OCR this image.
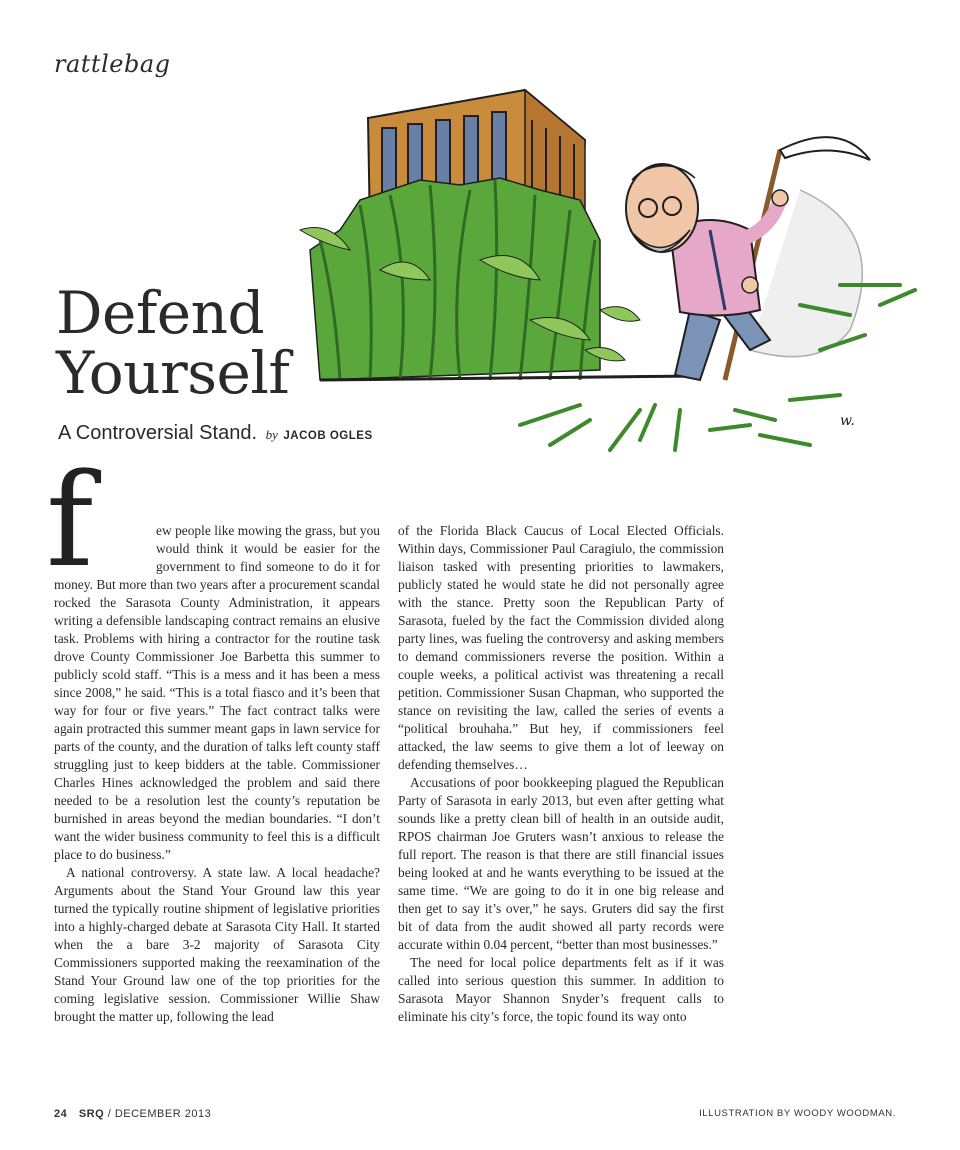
rattlebag
w.
Defend
Yourself
A Controversial Stand. by JACOB OGLES
f	ew people like mowing the grass, but you would think it would be easier for the government to find someone to do it for money. But more than two years after a procurement scandal rocked the Sarasota County Administration, it appears writing a defensible landscaping contract remains an elusive task. Problems with hiring a contractor for the routine task drove County Commissioner Joe Barbetta this summer to publicly scold staff. “This is a mess and it has been a mess since 2008,” he said. “This is a total fiasco and it’s been that way for four or five years.” The fact contract talks were again protracted this summer meant gaps in lawn service for parts of the county, and the duration of talks left county staff struggling just to keep bidders at the table. Commissioner Charles Hines acknowledged the problem and said there needed to be a resolution lest the county’s reputation be burnished in areas beyond the median boundaries. “I don’t want the wider business community to feel this is a difficult place to do business.”

A national controversy. A state law. A local headache? Arguments about the Stand Your Ground law this year turned the typically routine shipment of legislative priorities into a highly-charged debate at Sarasota City Hall. It started when the a bare 3-2 majority of Sarasota City Commissioners supported making the reexamination of the Stand Your Ground law one of the top priorities for the coming legislative session. Commissioner Willie Shaw brought the matter up, following the lead

of the Florida Black Caucus of Local Elected Officials. Within days, Commissioner Paul Caragiulo, the commission liaison tasked with presenting priorities to lawmakers, publicly stated he would state he did not personally agree with the stance. Pretty soon the Republican Party of Sarasota, fueled by the fact the Commission divided along party lines, was fueling the controversy and asking members to demand commissioners reverse the position. Within a couple weeks, a political activist was threatening a recall petition. Commissioner Susan Chapman, who supported the stance on revisiting the law, called the series of events a “political brouhaha.” But hey, if commissioners feel attacked, the law seems to give them a lot of leeway on defending themselves…

Accusations of poor bookkeeping plagued the Republican Party of Sarasota in early 2013, but even after getting what sounds like a pretty clean bill of health in an outside audit, RPOS chairman Joe Gruters wasn’t anxious to release the full report. The reason is that there are still financial issues being looked at and he wants everything to be issued at the same time. “We are going to do it in one big release and then get to say it’s over,” he says. Gruters did say the first bit of data from the audit showed all party records were accurate within 0.04 percent, “better than most businesses.”

The need for local police departments felt as if it was called into serious question this summer. In addition to Sarasota Mayor Shannon Snyder’s frequent calls to eliminate his city’s force, the topic found its way onto

24 SRQ / DECEMBER 2013	ILLUSTRATION BY WOODY WOODMAN.
